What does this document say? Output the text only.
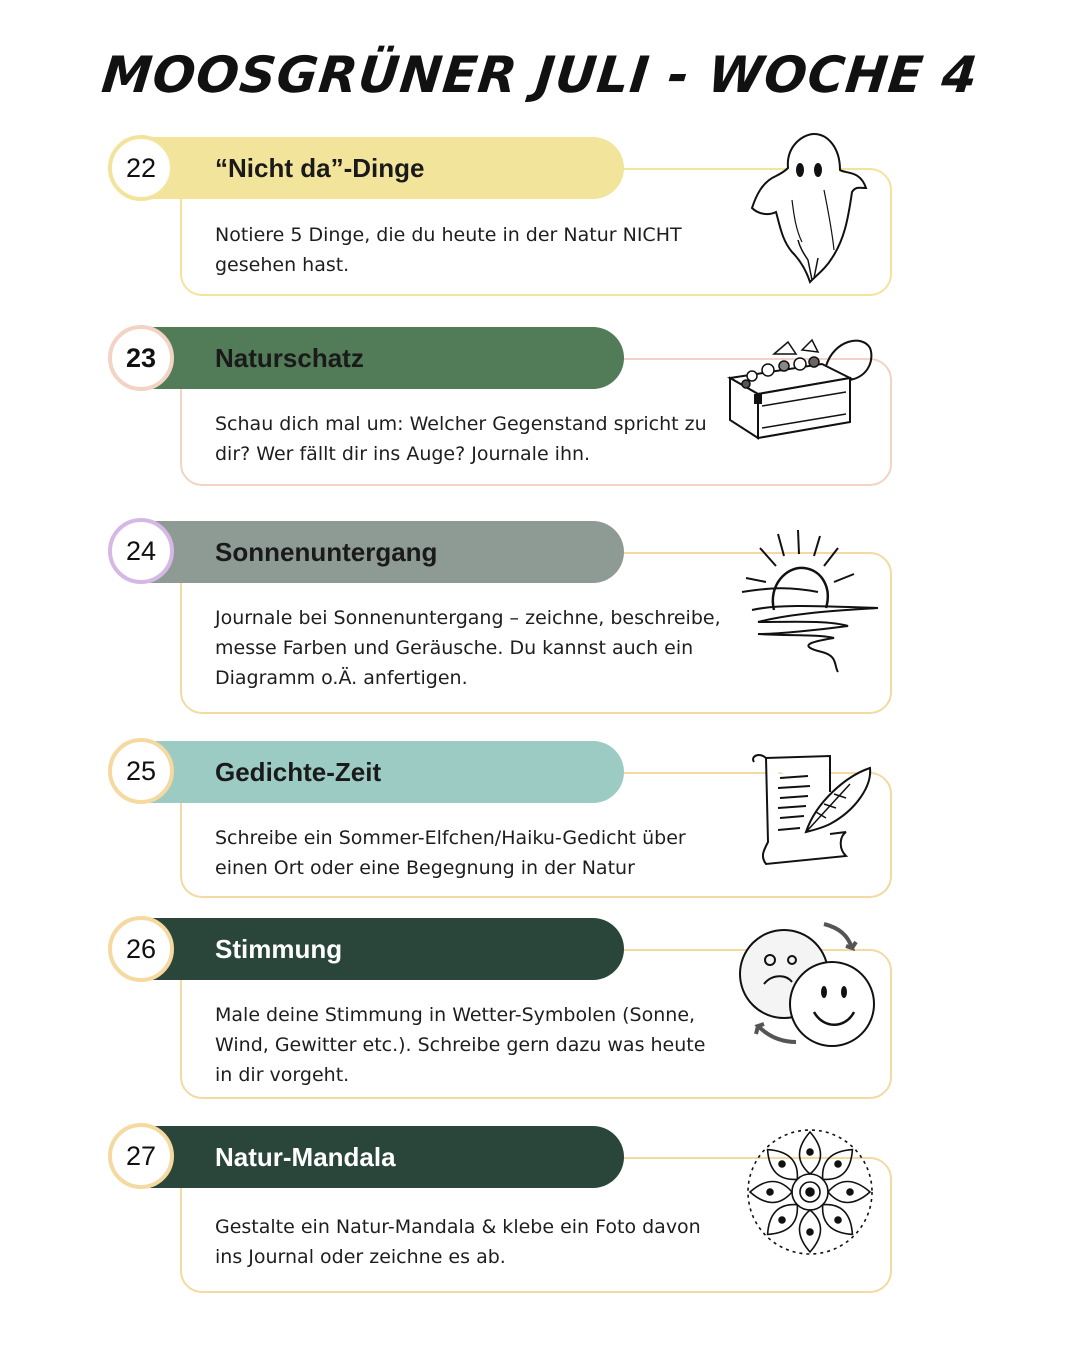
MOOSGRÜNER JULI - WOCHE 4
“Nicht da”-Dinge
22
Notiere 5 Dinge, die du heute in der Natur NICHT gesehen hast.
Naturschatz
23
Schau dich mal um: Welcher Gegenstand spricht zu dir? Wer fällt dir ins Auge? Journale ihn.
Sonnenuntergang
24
Journale bei Sonnenuntergang – zeichne, beschreibe, messe Farben und Geräusche. Du kannst auch ein Diagramm o.Ä. anfertigen.
Gedichte-Zeit
25
Schreibe ein Sommer-Elfchen/Haiku-Gedicht über einen Ort oder eine Begegnung in der Natur
Stimmung
26
Male deine Stimmung in Wetter-Symbolen (Sonne, Wind, Gewitter etc.). Schreibe gern dazu was heute in dir vorgeht.
Natur-Mandala
27
Gestalte ein Natur-Mandala & klebe ein Foto davon ins Journal oder zeichne es ab.
